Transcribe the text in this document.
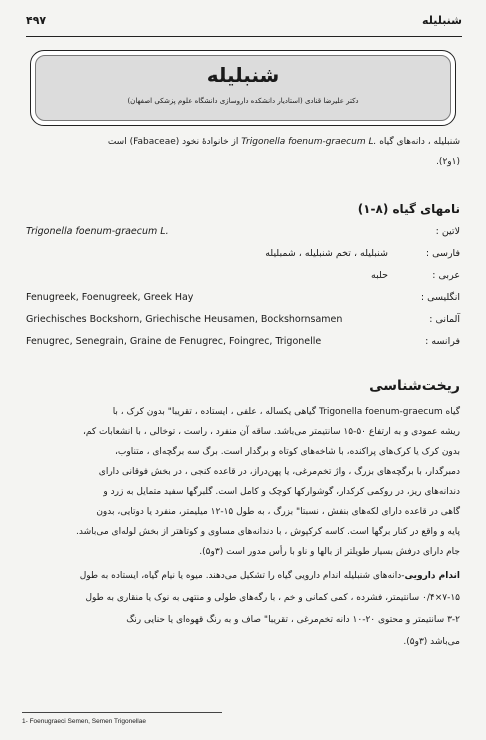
۴۹۷	شنبلیله
شنبلیله
دکتر علیرضا قنادی (استادیار دانشکده داروسازی دانشگاه علوم پزشکی اصفهان)
شنبلیله ، دانه‌های گیاه Trigonella foenum-graecum L. از خانوادهٔ نخود (Fabaceae) است
(۱و۲).
نامهای گیاه (۸-۱)
لاتین :
Trigonella foenum-graecum L.
فارسی :
شنبلیله ، تخم شنبلیله ، شمبلیله
عربی :
حلبه
انگلیسی :
Fenugreek, Foenugreek, Greek Hay
آلمانی :
Griechisches Bockshorn, Griechische Heusamen, Bockshornsamen
فرانسه :
Fenugrec, Senegrain, Graine de Fenugrec, Foingrec, Trigonelle
ریخت‌شناسی
گیاه Trigonella foenum-graecum گیاهی یکساله ، علفی ، ایستاده ، تقریبا" بدون کرک ، با
ریشه عمودی و به ارتفاع ۵۰-۱۵ سانتیمتر می‌باشد. ساقه آن منفرد ، راست ، توخالی ، با انشعابات کم،
بدون کرک یا کرک‌های پراکنده، با شاخه‌های کوتاه و برگدار است. برگ سه برگچه‌ای ، متناوب،
دمبرگدار، با برگچه‌های بزرگ ، واژ تخم‌مرغی، یا پهن‌دراز، در قاعده کنجی ، در بخش فوقانی دارای
دندانه‌های ریز، در روکمی کرکدار، گوشوارکها کوچک و کامل است. گلبرگها سفید متمایل به زرد و
گاهی در قاعده دارای لکه‌های بنفش ، نسبتا" بزرگ ، به طول ۱۵-۱۲ میلیمتر، منفرد یا دوتایی، بدون
پایه و واقع در کنار برگها است. کاسه کرکپوش ، با دندانه‌های مساوی و کوتاهتر از بخش لوله‌ای می‌باشد.
جام دارای درفش بسیار طویلتر از بالها و ناو با رأس مدور است (۳و۵).
اندام دارویی-دانه‌های شنبلیله اندام دارویی گیاه را تشکیل می‌دهند. میوه یا نیام گیاه، ایستاده به طول
۷-۱۵×۰/۴ سانتیمتر، فشرده ، کمی کمانی و خم ، با رگه‌های طولی و منتهی به نوک یا منقاری به طول
۳-۲ سانتیمتر و محتوی ۲۰-۱۰ دانه تخم‌مرغی ، تقریبا" صاف و به رنگ قهوه‌ای یا حنایی رنگ
می‌باشد (۳و۵).
1- Foenugraeci Semen, Semen Trigonellae
